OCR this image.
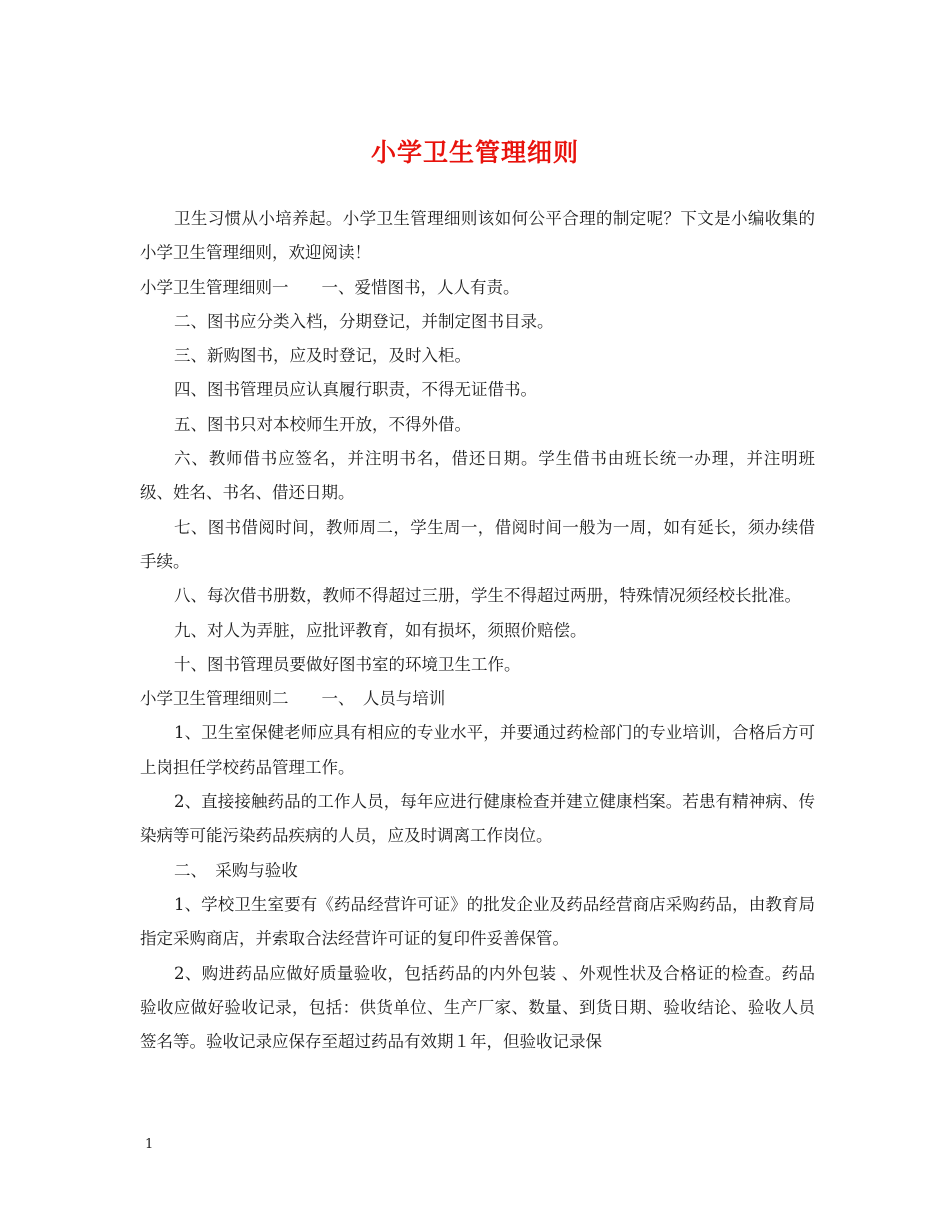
小学卫生管理细则

卫生习惯从小培养起。小学卫生管理细则该如何公平合理的制定呢？下文是小编收集的小学卫生管理细则，欢迎阅读！

小学卫生管理细则一　　一、爱惜图书，人人有责。

二、图书应分类入档，分期登记，并制定图书目录。

三、新购图书，应及时登记，及时入柜。

四、图书管理员应认真履行职责，不得无证借书。

五、图书只对本校师生开放，不得外借。

六、教师借书应签名，并注明书名，借还日期。学生借书由班长统一办理，并注明班级、姓名、书名、借还日期。

七、图书借阅时间，教师周二，学生周一，借阅时间一般为一周，如有延长，须办续借手续。

八、每次借书册数，教师不得超过三册，学生不得超过两册，特殊情况须经校长批准。

九、对人为弄脏，应批评教育，如有损坏，须照价赔偿。

十、图书管理员要做好图书室的环境卫生工作。

小学卫生管理细则二　　一、　人员与培训

1、卫生室保健老师应具有相应的专业水平，并要通过药检部门的专业培训，合格后方可上岗担任学校药品管理工作。

2、直接接触药品的工作人员，每年应进行健康检查并建立健康档案。若患有精神病、传染病等可能污染药品疾病的人员，应及时调离工作岗位。

二、　采购与验收

1、学校卫生室要有《药品经营许可证》的批发企业及药品经营商店采购药品，由教育局指定采购商店，并索取合法经营许可证的复印件妥善保管。

2、购进药品应做好质量验收，包括药品的内外包装 、外观性状及合格证的检查。药品验收应做好验收记录，包括：供货单位、生产厂家、数量、到货日期、验收结论、验收人员签名等。验收记录应保存至超过药品有效期１年，但验收记录保

1
